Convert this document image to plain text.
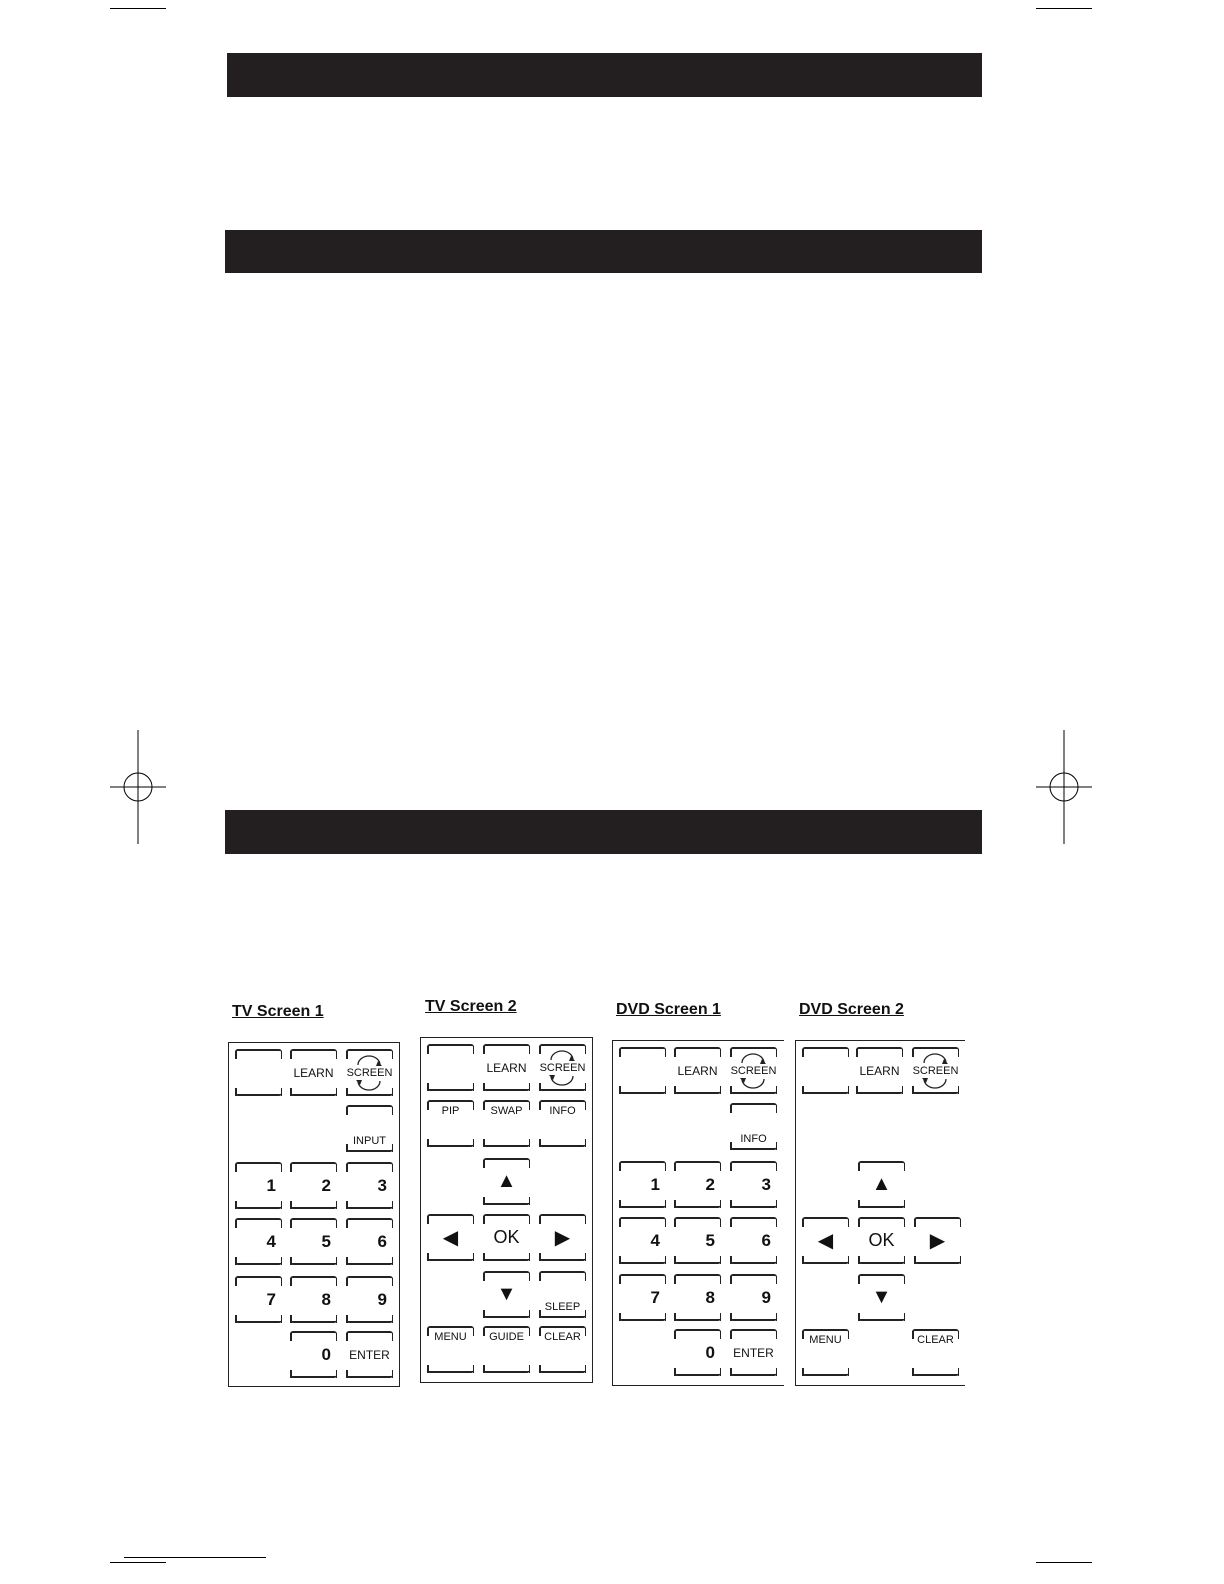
TV Screen 1
LEARN	SCREEN
INPUT
1	2	3
4	5	6
7	8	9
0	ENTER
TV Screen 2
LEARN	SCREEN
PIP	SWAP	INFO
▲
◀	OK	▶
▼
SLEEP
MENU	GUIDE	CLEAR
DVD Screen 1
LEARN	SCREEN
INFO
1	2	3
4	5	6
7	8	9
0	ENTER
DVD Screen 2
LEARN	SCREEN
▲
◀	OK	▶
▼
MENU	CLEAR
